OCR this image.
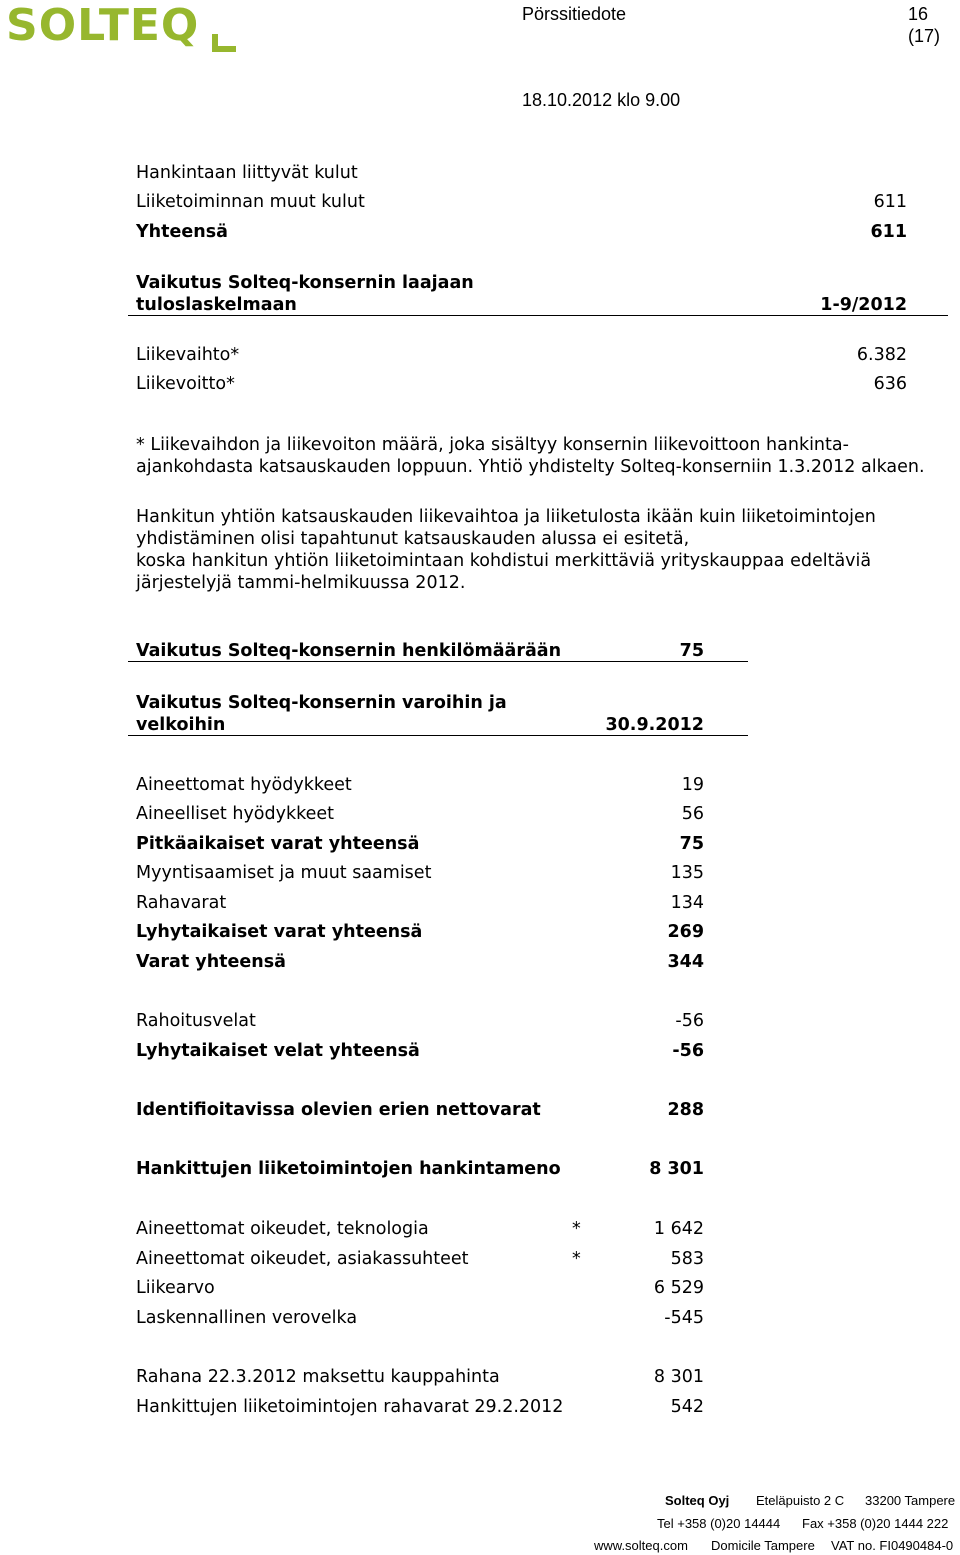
SOLTEQ	Pörssitiedote	16
(17)
18.10.2012 klo 9.00
Hankintaan liittyvät kulut
Liiketoiminnan muut kulut	611
Yhteensä	611
Vaikutus Solteq-konsernin laajaan
tuloslaskelmaan	1-9/2012
Liikevaihto*	6.382
Liikevoitto*	636
* Liikevaihdon ja liikevoiton määrä, joka sisältyy konsernin liikevoittoon hankinta-
ajankohdasta katsauskauden loppuun. Yhtiö yhdistelty Solteq-konserniin 1.3.2012 alkaen.
Hankitun yhtiön katsauskauden liikevaihtoa ja liiketulosta ikään kuin liiketoimintojen
yhdistäminen olisi tapahtunut katsauskauden alussa ei esitetä,
koska hankitun yhtiön liiketoimintaan kohdistui merkittäviä yrityskauppaa edeltäviä
järjestelyjä tammi-helmikuussa 2012.
Vaikutus Solteq-konsernin henkilömäärään	75
Vaikutus Solteq-konsernin varoihin ja
velkoihin	30.9.2012
Aineettomat hyödykkeet	19
Aineelliset hyödykkeet	56
Pitkäaikaiset varat yhteensä	75
Myyntisaamiset ja muut saamiset	135
Rahavarat	134
Lyhytaikaiset varat yhteensä	269
Varat yhteensä	344
Rahoitusvelat	-56
Lyhytaikaiset velat yhteensä	-56
Identifioitavissa olevien erien nettovarat	288
Hankittujen liiketoimintojen hankintameno	8 301
Aineettomat oikeudet, teknologia	*	1 642
Aineettomat oikeudet, asiakassuhteet	*	583
Liikearvo	6 529
Laskennallinen verovelka	-545
Rahana 22.3.2012 maksettu kauppahinta	8 301
Hankittujen liiketoimintojen rahavarat 29.2.2012	542
Solteq Oyj Eteläpuisto 2 C 33200 Tampere
Tel +358 (0)20 14444 Fax +358 (0)20 1444 222
www.solteq.com Domicile Tampere VAT no. FI0490484-0
